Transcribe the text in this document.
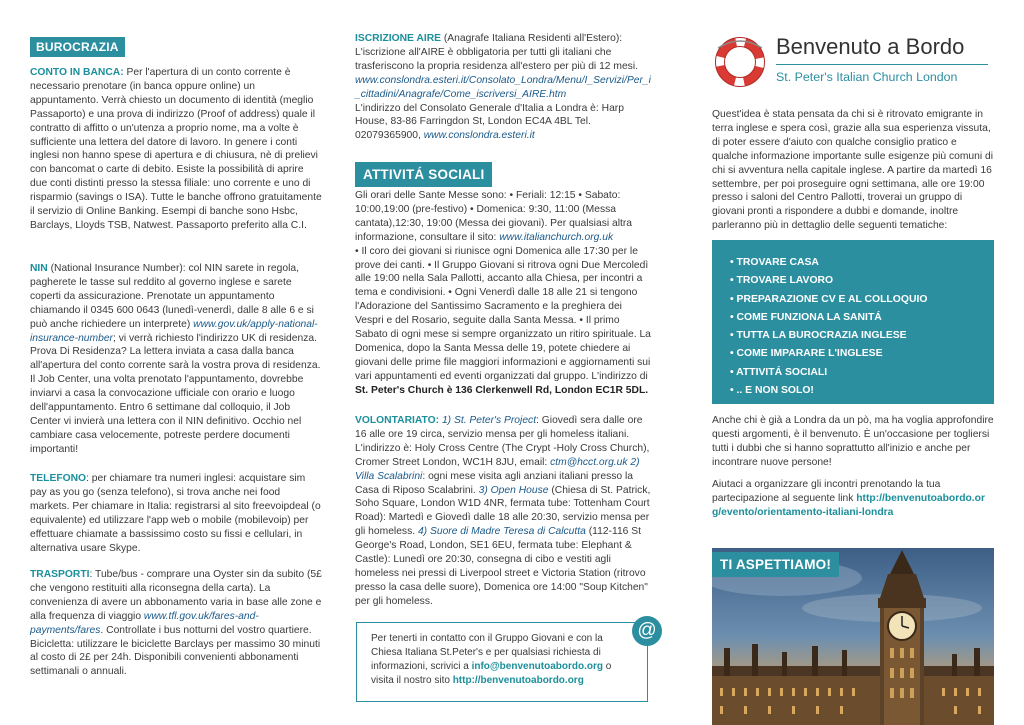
BUROCRAZIA

CONTO IN BANCA: Per l'apertura di un conto corrente è necessario prenotare (in banca oppure online) un appuntamento. Verrà chiesto un documento di identità (meglio Passaporto) e una prova di indirizzo (Proof of address) quale il contratto di affitto o un'utenza a proprio nome, ma a volte è sufficiente una lettera del datore di lavoro. In genere i conti inglesi non hanno spese di apertura e di chiusura, nè di prelievi con bancomat o carte di debito. Esiste la possibilità di aprire due conti distinti presso la stessa filiale: uno corrente e uno di risparmio (savings o ISA). Tutte le banche offrono gratuitamente il servizio di Online Banking. Esempi di banche sono Hsbc, Barclays, Lloyds TSB, Natwest. Passaporto preferito alla C.I.

NIN (National Insurance Number): col NIN sarete in regola, pagherete le tasse sul reddito al governo inglese e sarete coperti da assicurazione. Prenotate un appuntamento chiamando il 0345 600 0643 (lunedì-venerdì, dalle 8 alle 6 e si può anche richiedere un interprete) www.gov.uk/apply-national-insurance-number; vi verrà richiesto l'indirizzo UK di residenza. Prova Di Residenza? La lettera inviata a casa dalla banca all'apertura del conto corrente sarà la vostra prova di residenza. Il Job Center, una volta prenotato l'appuntamento, dovrebbe inviarvi a casa la convocazione ufficiale con orario e luogo dell'appuntamento. Entro 6 settimane dal colloquio, il Job Center vi invierà una lettera con il NIN definitivo. Occhio nel cambiare casa velocemente, potreste perdere documenti importanti!

TELEFONO: per chiamare tra numeri inglesi: acquistare sim pay as you go (senza telefono), si trova anche nei food markets. Per chiamare in Italia: registrarsi al sito freevoipdeal (o equivalente) ed utilizzare l'app web o mobile (mobilevoip) per effettuare chiamate a bassissimo costo su fissi e cellulari, in alternativa usare Skype.

TRASPORTI: Tube/bus - comprare una Oyster sin da subito (5£ che vengono restituiti alla riconsegna della carta). La convenienza di avere un abbonamento varia in base alle zone e alla frequenza di viaggio www.tfl.gov.uk/fares-and-payments/fares. Controllate i bus notturni del vostro quartiere. Bicicletta: utilizzare le biciclette Barclays per massimo 30 minuti al costo di 2£ per 24h. Disponibili convenienti abbonamenti settimanali o annuali.

ISCRIZIONE AIRE (Anagrafe Italiana Residenti all'Estero): L'iscrizione all'AIRE è obbligatoria per tutti gli italiani che trasferiscono la propria residenza all'estero per più di 12 mesi.
www.conslondra.esteri.it/Consolato_Londra/Menu/I_Servizi/Per_i_cittadini/Anagrafe/Come_iscriversi_AIRE.htm
L'indirizzo del Consolato Generale d'Italia a Londra è: Harp House, 83-86 Farringdon St, London EC4A 4BL Tel. 02079365900, www.conslondra.esteri.it

ATTIVITÁ SOCIALI

Gli orari delle Sante Messe sono: • Feriali: 12:15 • Sabato: 10:00,19:00 (pre-festivo) • Domenica: 9:30, 11:00 (Messa cantata),12:30, 19:00 (Messa dei giovani). Per qualsiasi altra informazione, consultare il sito: www.italianchurch.org.uk
• Il coro dei giovani si riunisce ogni Domenica alle 17:30 per le prove dei canti. • Il Gruppo Giovani si ritrova ogni Due Mercoledì alle 19:00 nella Sala Pallotti, accanto alla Chiesa, per incontri a tema e condivisioni. • Ogni Venerdì dalle 18 alle 21 si tengono l'Adorazione del Santissimo Sacramento e la preghiera dei Vespri e del Rosario, seguite dalla Santa Messa. • Il primo Sabato di ogni mese si sempre organizzato un ritiro spirituale. La Domenica, dopo la Santa Messa delle 19, potete chiedere ai giovani delle prime file maggiori informazioni e aggiornamenti sui vari appuntamenti ed eventi organizzati dal gruppo. L'indirizzo di St. Peter's Church è 136 Clerkenwell Rd, London EC1R 5DL.

VOLONTARIATO: 1) St. Peter's Project: Giovedì sera dalle ore 16 alle ore 19 circa, servizio mensa per gli homeless italiani. L'indirizzo è: Holy Cross Centre (The Crypt -Holy Cross Church), Cromer Street London, WC1H 8JU, email: ctm@hcct.org.uk 2) Villa Scalabrini: ogni mese visita agli anziani italiani presso la Casa di Riposo Scalabrini. 3) Open House (Chiesa di St. Patrick, Soho Square, London W1D 4NR, fermata tube: Tottenham Court Road): Martedì e Giovedì dalle 18 alle 20:30, servizio mensa per gli homeless. 4) Suore di Madre Teresa di Calcutta (112-116 St George's Road, London, SE1 6EU, fermata tube: Elephant & Castle): Lunedì ore 20:30, consegna di cibo e vestiti agli homeless nei pressi di Liverpool street e Victoria Station (ritrovo presso la casa delle suore), Domenica ore 14:00 "Soup Kitchen" per gli homeless.

Per tenerti in contatto con il Gruppo Giovani e con la Chiesa Italiana St.Peter's e per qualsiasi richiesta di informazioni, scrivici a info@benvenutoabordo.org o visita il nostro sito http://benvenutoabordo.org

@
Benvenuto a Bordo
St. Peter's Italian Church London

Quest'idea è stata pensata da chi si è ritrovato emigrante in terra inglese e spera così, grazie alla sua esperienza vissuta, di poter essere d'aiuto con qualche consiglio pratico e qualche informazione importante sulle esigenze più comuni di chi si avventura nella capitale inglese. A partire da martedì 16 settembre, per poi proseguire ogni settimana, alle ore 19:00 presso i saloni del Centro Pallotti, troverai un gruppo di giovani pronti a rispondere a dubbi e domande, inoltre parleranno più in dettaglio delle seguenti tematiche:

• TROVARE CASA
• TROVARE LAVORO
• PREPARAZIONE CV E AL COLLOQUIO
• COME FUNZIONA LA SANITÁ
• TUTTA LA BUROCRAZIA INGLESE
• COME IMPARARE L'INGLESE
• ATTIVITÁ SOCIALI
• .. E NON SOLO!

Anche chi è già a Londra da un pò, ma ha voglia approfondire questi argomenti, è il benvenuto. È un'occasione per togliersi tutti i dubbi che si hanno soprattutto all'inizio e anche per incontrare nuove persone!

Aiutaci a organizzare gli incontri prenotando la tua partecipazione al seguente link http://benvenutoabordo.org/evento/orientamento-italiani-londra

TI ASPETTIAMO!
